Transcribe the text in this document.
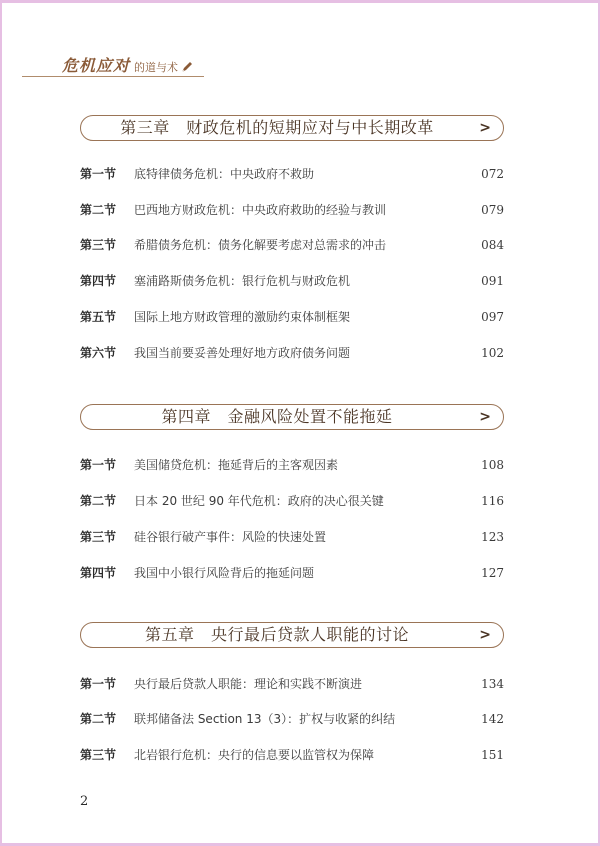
危机应对 的道与术
第三章　财政危机的短期应对与中长期改革	>
第一节 底特律债务危机：中央政府不救助	072
第二节 巴西地方财政危机：中央政府救助的经验与教训	079
第三节 希腊债务危机：债务化解要考虑对总需求的冲击	084
第四节 塞浦路斯债务危机：银行危机与财政危机	091
第五节 国际上地方财政管理的激励约束体制框架	097
第六节 我国当前要妥善处理好地方政府债务问题	102
第四章　金融风险处置不能拖延	>
第一节 美国储贷危机：拖延背后的主客观因素	108
第二节 日本 20 世纪 90 年代危机：政府的决心很关键	116
第三节 硅谷银行破产事件：风险的快速处置	123
第四节 我国中小银行风险背后的拖延问题	127
第五章　央行最后贷款人职能的讨论	>
第一节 央行最后贷款人职能：理论和实践不断演进	134
第二节 联邦储备法 Section 13（3）：扩权与收紧的纠结	142
第三节 北岩银行危机：央行的信息要以监管权为保障	151
2
